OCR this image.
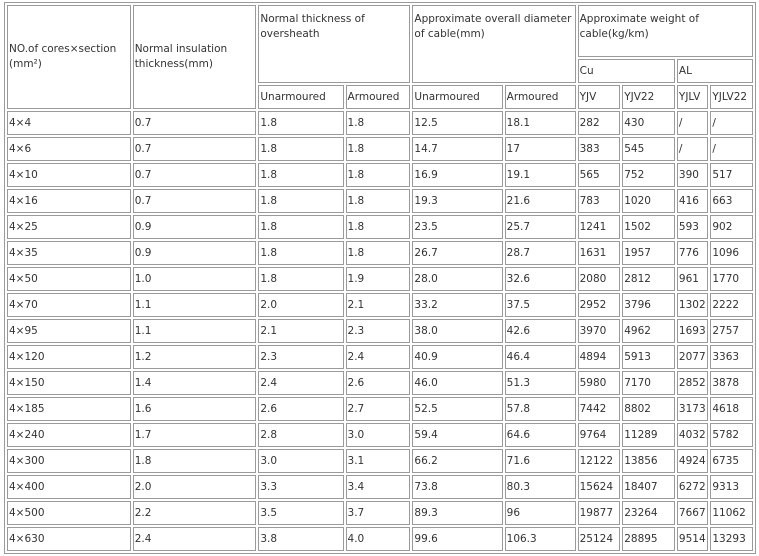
NO.of cores×section (mm²)	Normal insulation thickness(mm)	Normal thickness of oversheath		Approximate overall diameter of cable(mm)		Approximate weight of cable(kg/km)			
						Cu		AL	
		Unarmoured	Armoured	Unarmoured	Armoured	YJV	YJV22	YJLV	YJLV22
4×4	0.7	1.8	1.8	12.5	18.1	282	430	/	/
4×6	0.7	1.8	1.8	14.7	17	383	545	/	/
4×10	0.7	1.8	1.8	16.9	19.1	565	752	390	517
4×16	0.7	1.8	1.8	19.3	21.6	783	1020	416	663
4×25	0.9	1.8	1.8	23.5	25.7	1241	1502	593	902
4×35	0.9	1.8	1.8	26.7	28.7	1631	1957	776	1096
4×50	1.0	1.8	1.9	28.0	32.6	2080	2812	961	1770
4×70	1.1	2.0	2.1	33.2	37.5	2952	3796	1302	2222
4×95	1.1	2.1	2.3	38.0	42.6	3970	4962	1693	2757
4×120	1.2	2.3	2.4	40.9	46.4	4894	5913	2077	3363
4×150	1.4	2.4	2.6	46.0	51.3	5980	7170	2852	3878
4×185	1.6	2.6	2.7	52.5	57.8	7442	8802	3173	4618
4×240	1.7	2.8	3.0	59.4	64.6	9764	11289	4032	5782
4×300	1.8	3.0	3.1	66.2	71.6	12122	13856	4924	6735
4×400	2.0	3.3	3.4	73.8	80.3	15624	18407	6272	9313
4×500	2.2	3.5	3.7	89.3	96	19877	23264	7667	11062
4×630	2.4	3.8	4.0	99.6	106.3	25124	28895	9514	13293
